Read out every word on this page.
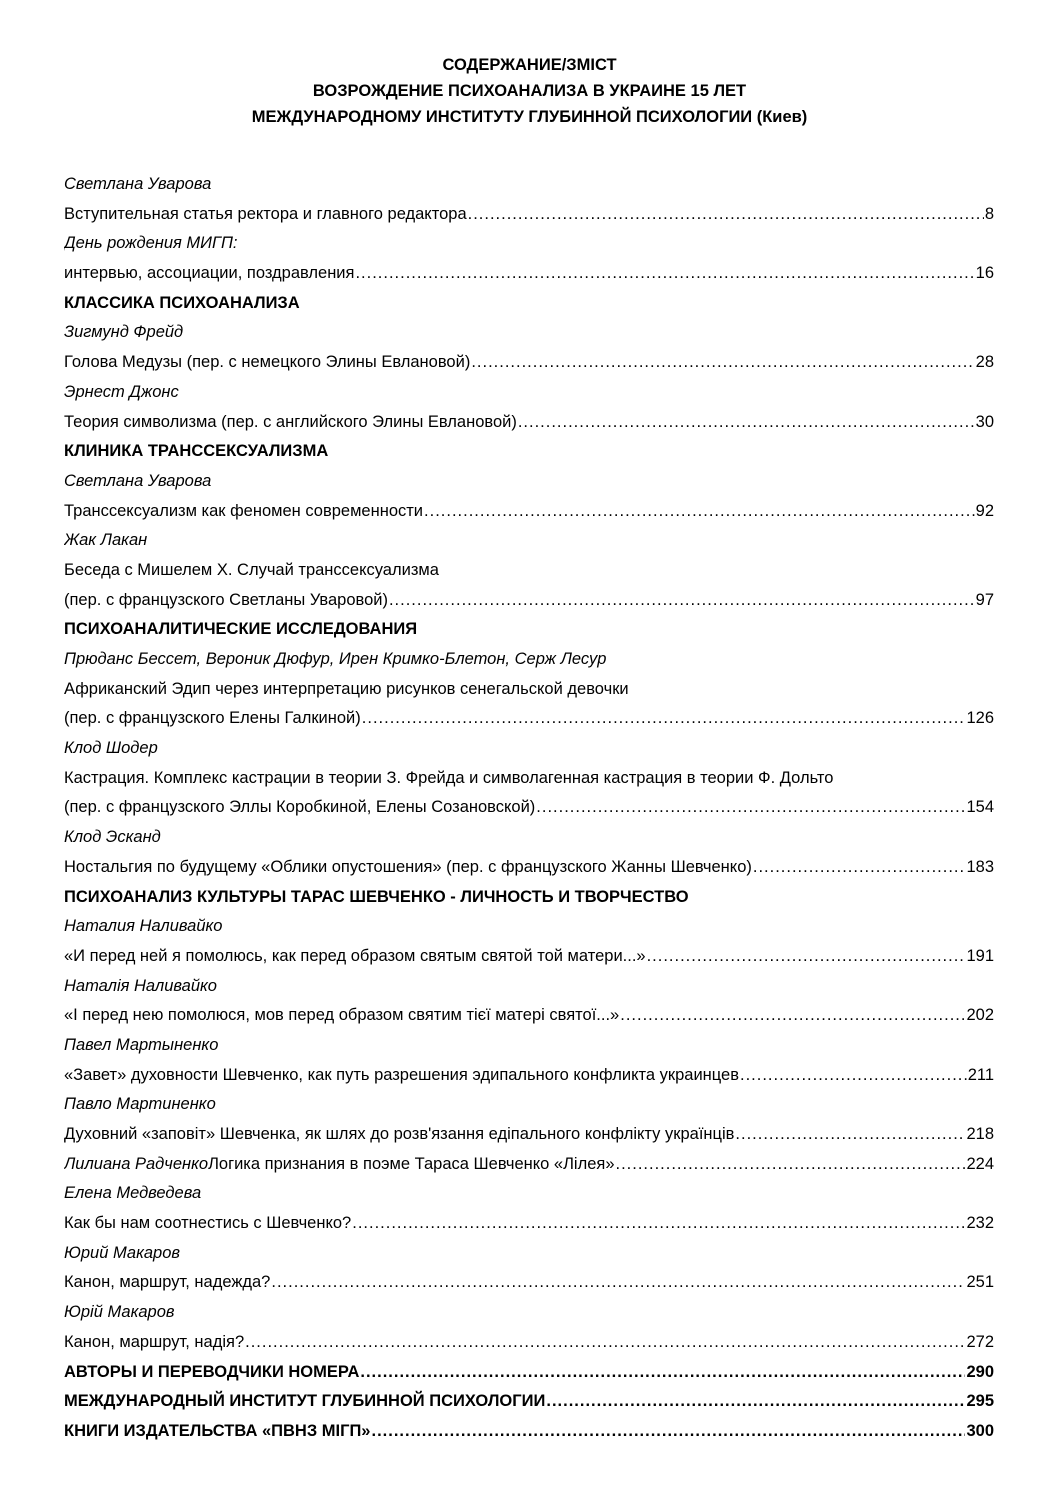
СОДЕРЖАНИЕ/ЗМІСТ
ВОЗРОЖДЕНИЕ ПСИХОАНАЛИЗА В УКРАИНЕ 15 ЛЕТ
МЕЖДУНАРОДНОМУ ИНСТИТУТУ ГЛУБИННОЙ ПСИХОЛОГИИ (Киев)
Светлана Уварова
Вступительная статья ректора и главного редактора .....	8
День рождения МИГП:
интервью, ассоциации, поздравления .....	16
КЛАССИКА ПСИХОАНАЛИЗА
Зигмунд Фрейд
Голова Медузы (пер. с немецкого Элины Евлановой) .....	28
Эрнест Джонс
Теория символизма (пер. с английского Элины Евлановой) .....	30
КЛИНИКА ТРАНССЕКСУАЛИЗМА
Светлана Уварова
Транссексуализм как феномен современности .....	92
Жак Лакан
Беседа с Мишелем Х. Случай транссексуализма
(пер. с французского Светланы Уваровой) .....	97
ПСИХОАНАЛИТИЧЕСКИЕ ИССЛЕДОВАНИЯ
Прюданс Бессет, Вероник Дюфур, Ирен Кримко-Блетон, Серж Лесур
Африканский Эдип через интерпретацию рисунков сенегальской девочки
(пер. с французского Елены Галкиной) .....	126
Клод Шодер
Кастрация. Комплекс кастрации в теории З. Фрейда и символагенная кастрация в теории Ф. Дольто
(пер. с французского Эллы Коробкиной, Елены Созановской) .....	154
Клод Эсканд
Ностальгия по будущему «Облики опустошения» (пер. с французского Жанны Шевченко) .....	183
ПСИХОАНАЛИЗ КУЛЬТУРЫ ТАРАС ШЕВЧЕНКО - ЛИЧНОСТЬ И ТВОРЧЕСТВО
Наталия Наливайко
«И перед ней я помолюсь, как перед образом святым святой той матери...» .....	191
Наталія Наливайко
«І перед нею помолюся, мов перед образом святим тієї матері святої...» .....	202
Павел Мартыненко
«Завет» духовности Шевченко, как путь разрешения эдипального конфликта украинцев .....	211
Павло Мартиненко
Духовний «заповіт» Шевченка, як шлях до розв'язання едіпального конфлікту українців .....	218
Лилиана Радченко Логика признания в поэме Тараса Шевченко «Лілея» .....	224
Елена Медведева
Как бы нам соотнестись с Шевченко? .....	232
Юрий Макаров
Канон, маршрут, надежда? .....	251
Юрій Макаров
Канон, маршрут, надія? .....	272
АВТОРЫ И ПЕРЕВОДЧИКИ НОМЕРА .....	290
МЕЖДУНАРОДНЫЙ ИНСТИТУТ ГЛУБИННОЙ ПСИХОЛОГИИ .....	295
КНИГИ ИЗДАТЕЛЬСТВА «ПВНЗ МІГП» .....	300
